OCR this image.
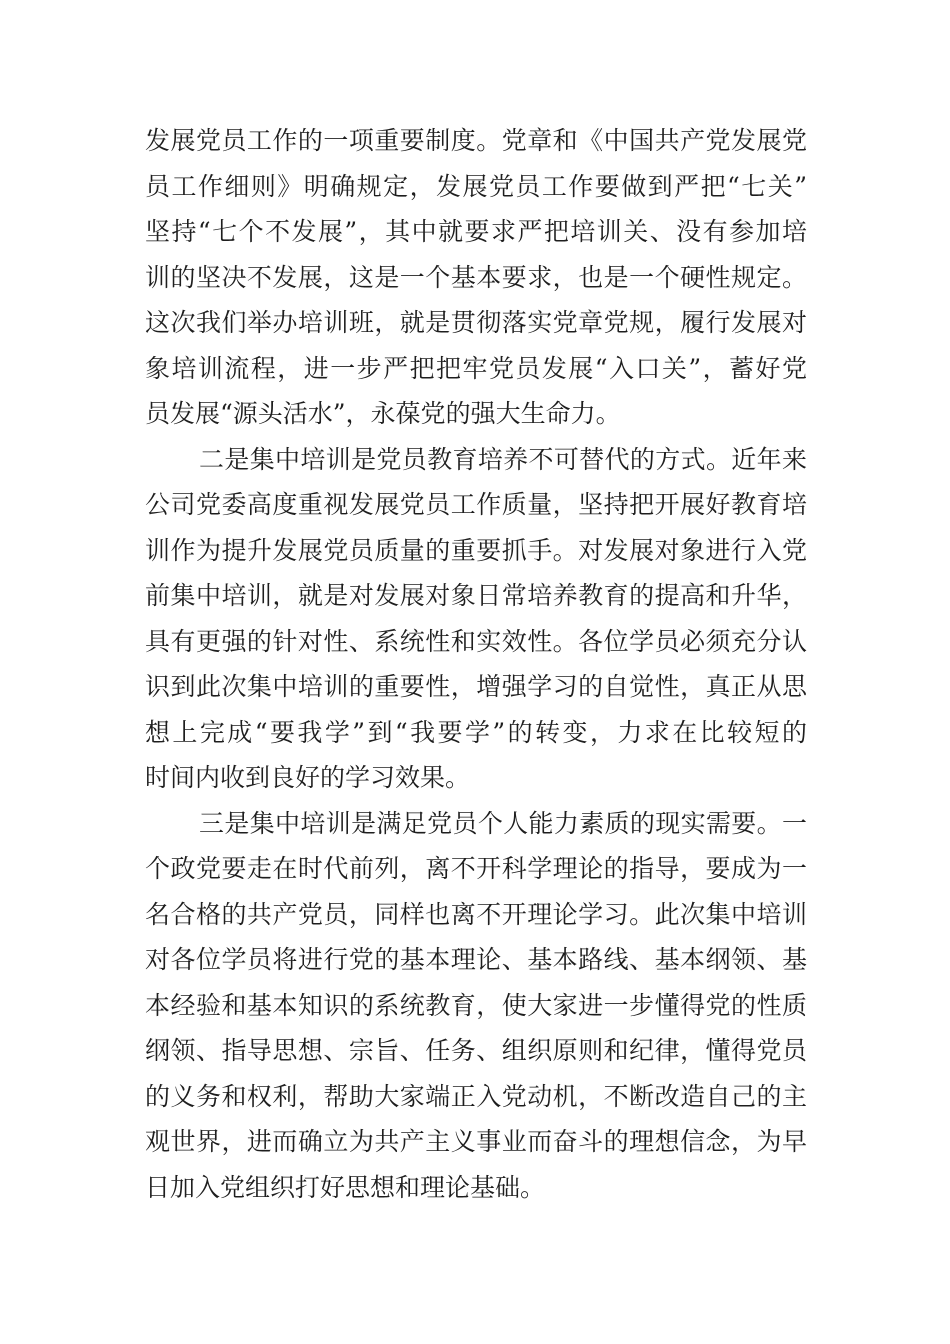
发展党员工作的一项重要制度。党章和《中国共产党发展党
员工作细则》明确规定，发展党员工作要做到严把“七关”
坚持“七个不发展”，其中就要求严把培训关、没有参加培
训的坚决不发展，这是一个基本要求，也是一个硬性规定。
这次我们举办培训班，就是贯彻落实党章党规，履行发展对
象培训流程，进一步严把把牢党员发展“入口关”，蓄好党
员发展“源头活水”，永葆党的强大生命力。
二是集中培训是党员教育培养不可替代的方式。近年来
公司党委高度重视发展党员工作质量，坚持把开展好教育培
训作为提升发展党员质量的重要抓手。对发展对象进行入党
前集中培训，就是对发展对象日常培养教育的提高和升华，
具有更强的针对性、系统性和实效性。各位学员必须充分认
识到此次集中培训的重要性，增强学习的自觉性，真正从思
想上完成“要我学”到“我要学”的转变，力求在比较短的
时间内收到良好的学习效果。
三是集中培训是满足党员个人能力素质的现实需要。一
个政党要走在时代前列，离不开科学理论的指导，要成为一
名合格的共产党员，同样也离不开理论学习。此次集中培训
对各位学员将进行党的基本理论、基本路线、基本纲领、基
本经验和基本知识的系统教育，使大家进一步懂得党的性质
纲领、指导思想、宗旨、任务、组织原则和纪律，懂得党员
的义务和权利，帮助大家端正入党动机，不断改造自己的主
观世界，进而确立为共产主义事业而奋斗的理想信念，为早
日加入党组织打好思想和理论基础。
